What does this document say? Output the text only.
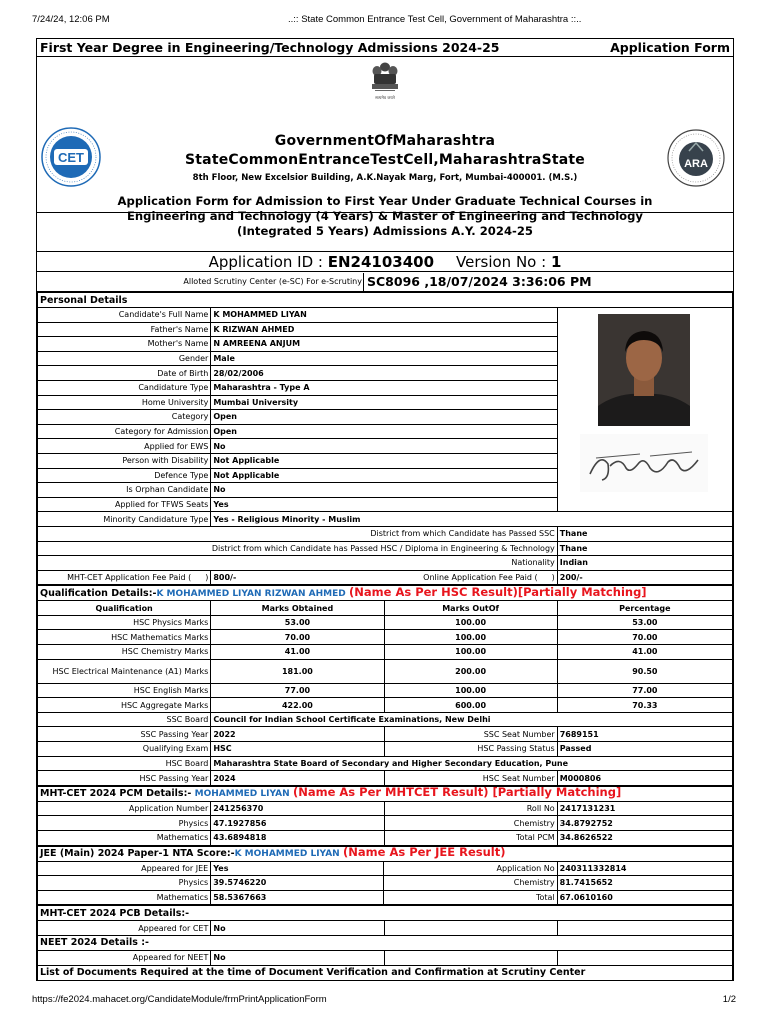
7/24/24, 12:06 PM	..:: State Common Entrance Test Cell, Government of Maharashtra ::..
First Year Degree in Engineering/Technology Admissions 2024-25	Application Form
सत्यमेव जयते
CET	ARA
GovernmentOfMaharashtra
StateCommonEntranceTestCell,MaharashtraState
8th Floor, New Excelsior Building, A.K.Nayak Marg, Fort, Mumbai-400001. (M.S.)
Application Form for Admission to First Year Under Graduate Technical Courses in Engineering and Technology (4 Years) & Master of Engineering and Technology (Integrated 5 Years) Admissions A.Y. 2024-25
Application ID : EN24103400 Version No : 1
Alloted Scrutiny Center (e-SC) For e-Scrutiny SC8096 ,18/07/2024 3:36:06 PM
Personal Details		
Candidate's Full Name	K MOHAMMED LIYAN	

Father's Name	K RIZWAN AHMED	
Mother's Name	N AMREENA ANJUM	
Gender	Male	
Date of Birth	28/02/2006	
Candidature Type	Maharashtra - Type A	
Home University	Mumbai University	
Category	Open	
Category for Admission	Open	
Applied for EWS	No	
Person with Disability	Not Applicable	
Defence Type	Not Applicable	
Is Orphan Candidate	No	
Applied for TFWS Seats	Yes	
Minority Candidature Type	Yes - Religious Minority - Muslim	
District from which Candidate has Passed SSC		Thane
District from which Candidate has Passed HSC / Diploma in Engineering & Technology		Thane
Nationality		Indian
MHT-CET Application Fee Paid ( )	800/- Online Application Fee Paid ( )	200/-
Qualification Details:-K MOHAMMED LIYAN RIZWAN AHMED (Name As Per HSC Result)[Partially Matching]			
Qualification	Marks Obtained	Marks OutOf	Percentage
HSC Physics Marks	53.00	100.00	53.00
HSC Mathematics Marks	70.00	100.00	70.00
HSC Chemistry Marks	41.00	100.00	41.00
HSC Electrical Maintenance (A1) Marks	181.00	200.00	90.50
HSC English Marks	77.00	100.00	77.00
HSC Aggregate Marks	422.00	600.00	70.33
SSC Board	Council for Indian School Certificate Examinations, New Delhi		
SSC Passing Year	2022	SSC Seat Number	7689151
Qualifying Exam	HSC	HSC Passing Status	Passed
HSC Board	Maharashtra State Board of Secondary and Higher Secondary Education, Pune		
HSC Passing Year	2024	HSC Seat Number	M000806
MHT-CET 2024 PCM Details:- MOHAMMED LIYAN (Name As Per MHTCET Result) [Partially Matching]			
Application Number	241256370	Roll No	2417131231
Physics	47.1927856	Chemistry	34.8792752
Mathematics	43.6894818	Total PCM	34.8626522
JEE (Main) 2024 Paper-1 NTA Score:-K MOHAMMED LIYAN (Name As Per JEE Result)			
Appeared for JEE	Yes	Application No	240311332814
Physics	39.5746220	Chemistry	81.7415652
Mathematics	58.5367663	Total	67.0610160
MHT-CET 2024 PCB Details:-			
Appeared for CET	No		
NEET 2024 Details :-			
Appeared for NEET	No		
List of Documents Required at the time of Document Verification and Confirmation at Scrutiny Center			

https://fe2024.mahacet.org/CandidateModule/frmPrintApplicationForm	1/2
